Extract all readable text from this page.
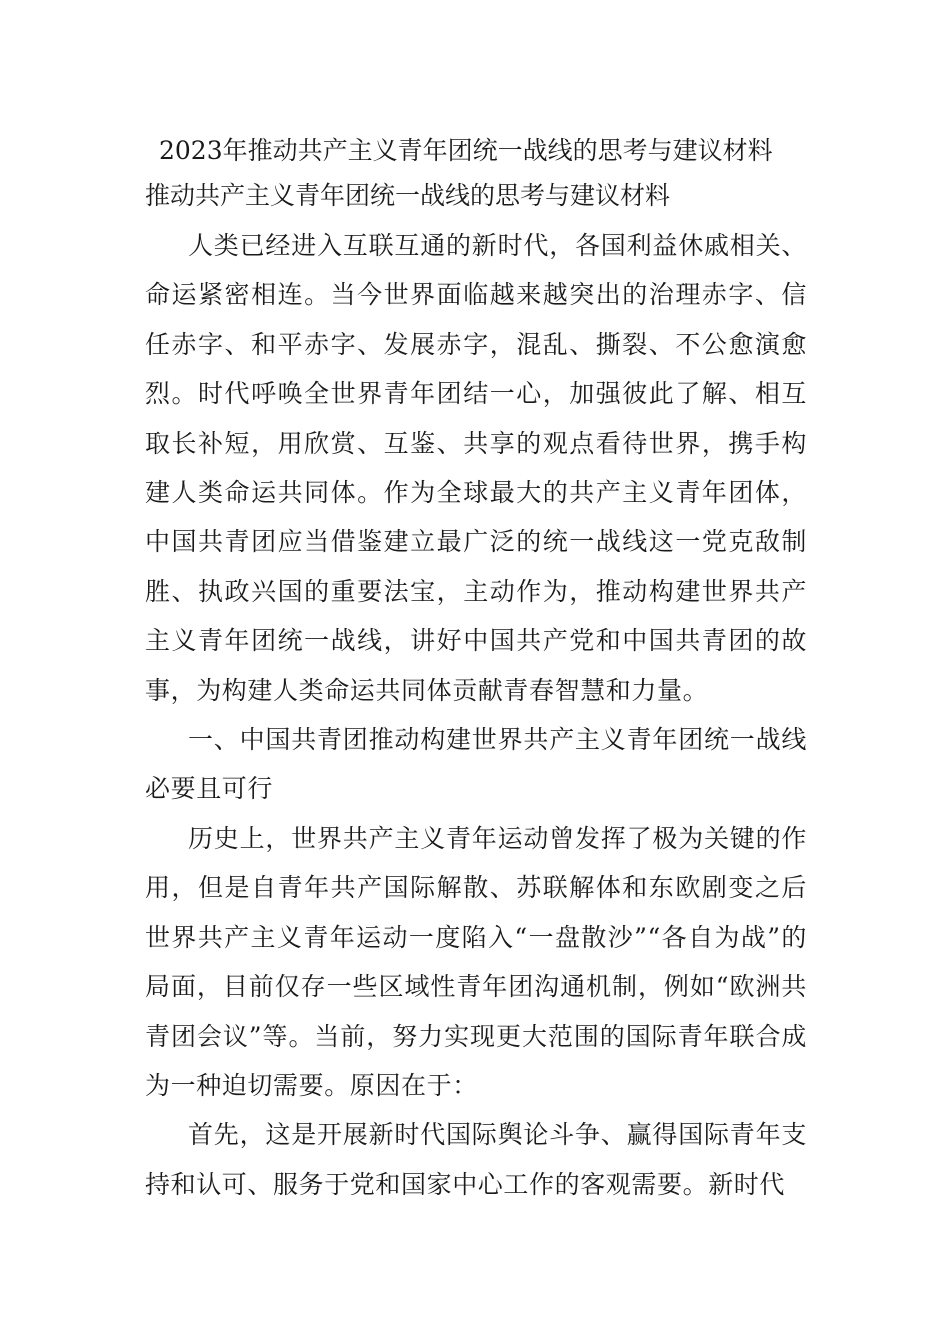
2023年推动共产主义青年团统一战线的思考与建议材料
推动共产主义青年团统一战线的思考与建议材料

人类已经进入互联互通的新时代，各国利益休戚相关、命运紧密相连。当今世界面临越来越突出的治理赤字、信任赤字、和平赤字、发展赤字，混乱、撕裂、不公愈演愈烈。时代呼唤全世界青年团结一心，加强彼此了解、相互取长补短，用欣赏、互鉴、共享的观点看待世界，携手构建人类命运共同体。作为全球最大的共产主义青年团体，中国共青团应当借鉴建立最广泛的统一战线这一党克敌制胜、执政兴国的重要法宝，主动作为，推动构建世界共产主义青年团统一战线，讲好中国共产党和中国共青团的故事，为构建人类命运共同体贡献青春智慧和力量。

一、中国共青团推动构建世界共产主义青年团统一战线必要且可行

历史上，世界共产主义青年运动曾发挥了极为关键的作用，但是自青年共产国际解散、苏联解体和东欧剧变之后世界共产主义青年运动一度陷入“一盘散沙”“各自为战”的局面，目前仅存一些区域性青年团沟通机制，例如“欧洲共青团会议”等。当前，努力实现更大范围的国际青年联合成为一种迫切需要。原因在于：

首先，这是开展新时代国际舆论斗争、赢得国际青年支持和认可、服务于党和国家中心工作的客观需要。新时代
